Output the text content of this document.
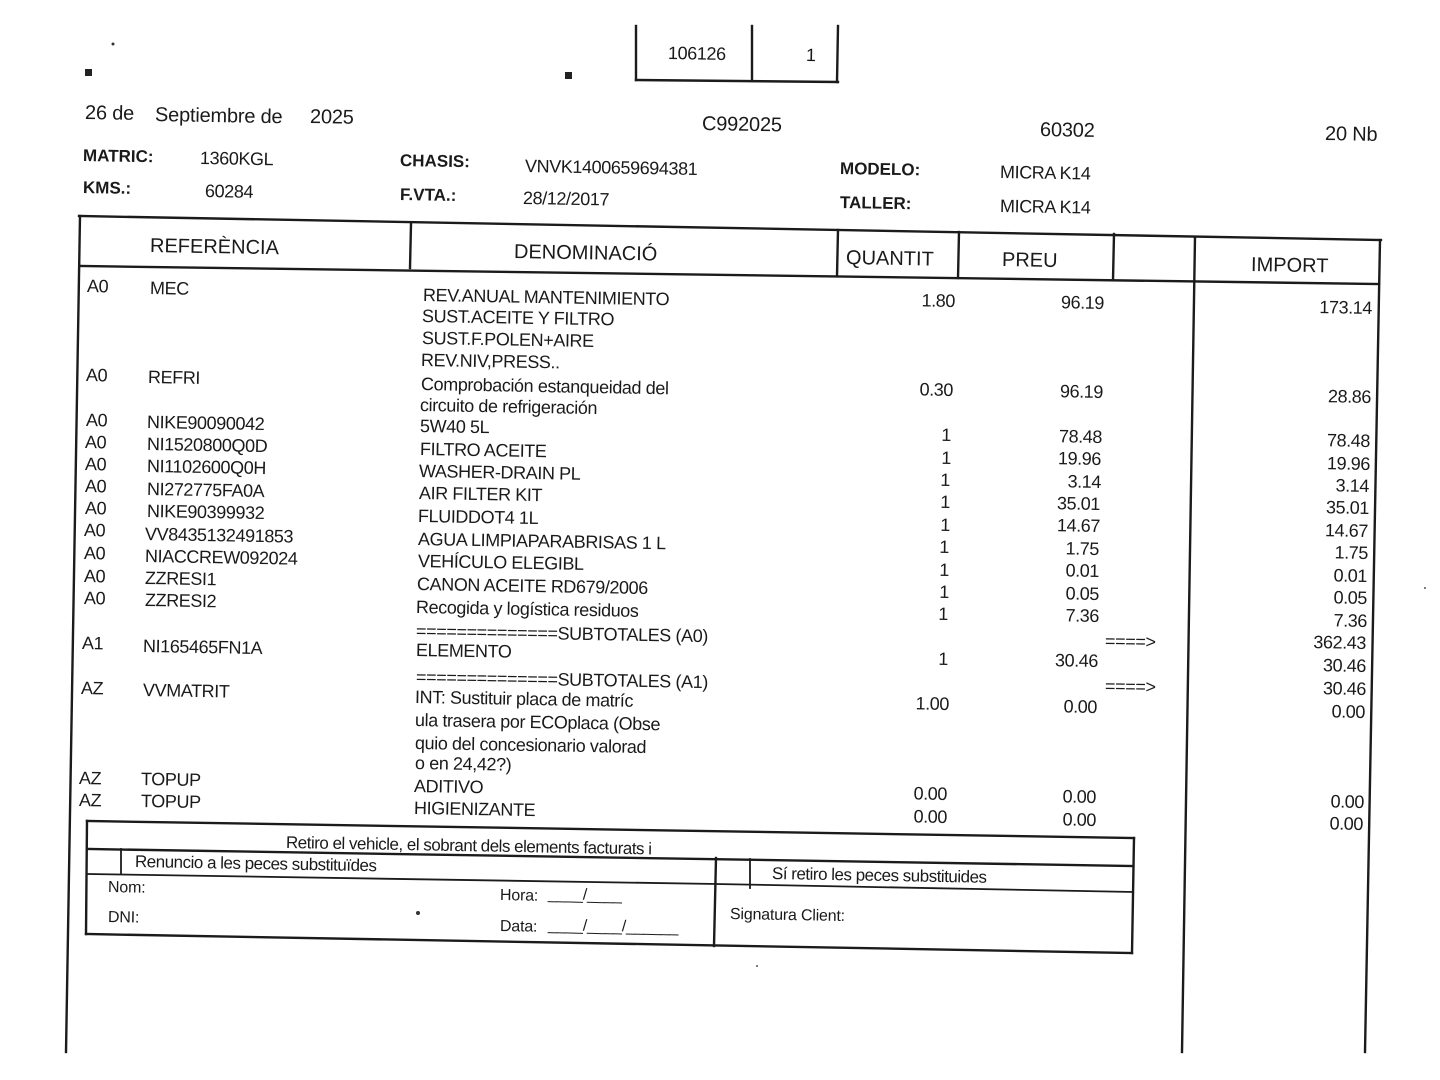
106126	1
26 de Septiembre de 2025	C992025	60302	20 Nb
MATRIC:	1360KGL	CHASIS:	VNVK1400659694381	MODELO:	MICRA K14
KMS.:	60284	F.VTA.:	28/12/2017	TALLER:	MICRA K14
REFERÈNCIA	DENOMINACIÓ	QUANTIT	PREU	IMPORT
A0 MEC	REV.ANUAL MANTENIMIENTO
SUST.ACEITE Y FILTRO
SUST.F.POLEN+AIRE
REV.NIV,PRESS..
1.80	96.19	173.14
A0 REFRI	Comprobación estanqueidad del
circuito de refrigeración
0.30	96.19	28.86
A0 NIKE90090042	5W40 5L	1	78.48	78.48
A0 NI1520800Q0D	FILTRO ACEITE	1	19.96	19.96
A0 NI1102600Q0H	WASHER-DRAIN PL	1	3.14	3.14
A0 NI272775FA0A	AIR FILTER KIT	1	35.01	35.01
A0 NIKE90399932	FLUIDDOT4 1L	1	14.67	14.67
A0 VV8435132491853	AGUA LIMPIAPARABRISAS 1 L	1	1.75	1.75
A0 NIACCREW092024	VEHÍCULO ELEGIBL	1	0.01	0.01
A0 ZZRESI1	CANON ACEITE RD679/2006	1	0.05	0.05
A0 ZZRESI2	Recogida y logística residuos	1	7.36	7.36
==============SUBTOTALES (A0)	====>	362.43
A1 NI165465FN1A	ELEMENTO	1	30.46	30.46
==============SUBTOTALES (A1)	====>	30.46
AZ VVMATRIT	INT: Sustituir placa de matríc
ula trasera por ECOplaca (Obse
quio del concesionario valorad
o en 24,42?)
1.00	0.00	0.00
AZ TOPUP	ADITIVO	0.00	0.00	0.00
AZ TOPUP	HIGIENIZANTE	0.00	0.00	0.00
Retiro el vehicle, el sobrant dels elements facturats i
Renuncio a les peces substituïdes
Sí retiro les peces substituides
Nom:	Hora: ____/____
DNI:
Data: ____/____/______
Signatura Client:
